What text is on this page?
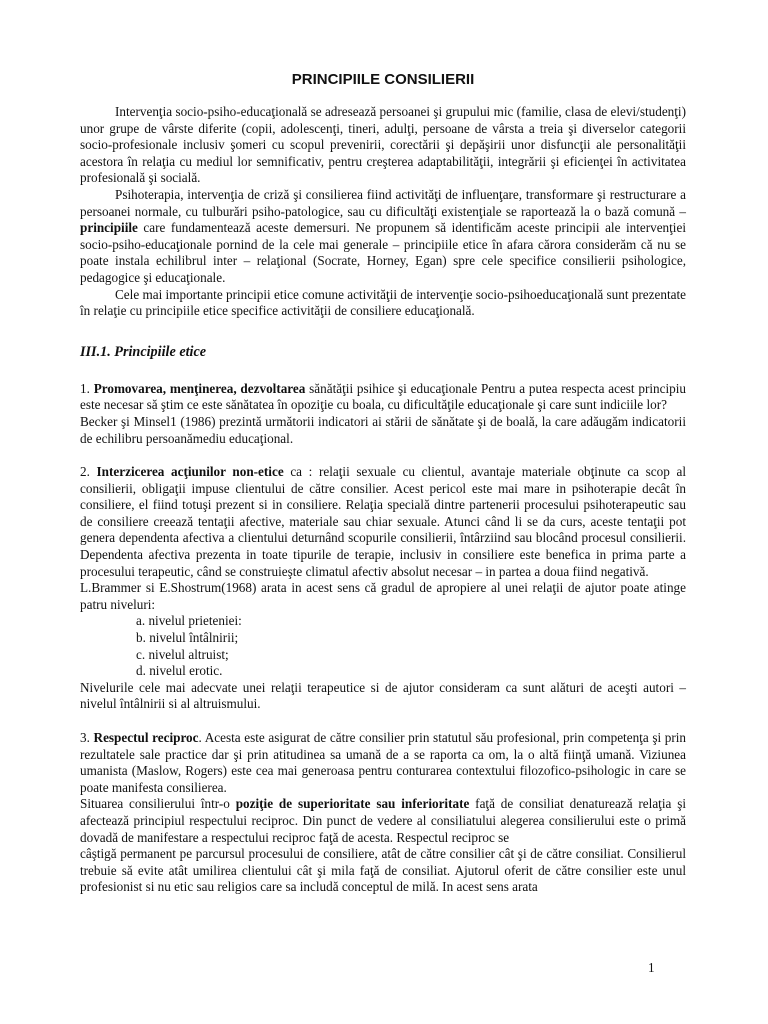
PRINCIPIILE CONSILIERII

Intervenţia socio-psiho-educaţională se adresează persoanei şi grupului mic (familie, clasa de elevi/studenţi) unor grupe de vârste diferite (copii, adolescenţi, tineri, adulţi, persoane de vârsta a treia şi diverselor categorii socio-profesionale inclusiv şomeri cu scopul prevenirii, corectării şi depăşirii unor disfuncţii ale personalităţii acestora în relaţia cu mediul lor semnificativ, pentru creşterea adaptabilităţii, integrării şi eficienţei în activitatea profesională şi socială.

Psihoterapia, intervenţia de criză şi consilierea fiind activităţi de influenţare, transformare şi restructurare a persoanei normale, cu tulburări psiho-patologice, sau cu dificultăţi existenţiale se raportează la o bază comună – principiile care fundamentează aceste demersuri. Ne propunem să identificăm aceste principii ale intervenţiei socio-psiho-educaţionale pornind de la cele mai generale – principiile etice în afara cărora considerăm că nu se poate instala echilibrul inter – relaţional (Socrate, Horney, Egan) spre cele specifice consilierii psihologice, pedagogice şi educaţionale.

Cele mai importante principii etice comune activităţii de intervenţie socio-psihoeducaţională sunt prezentate în relaţie cu principiile etice specifice activităţii de consiliere educaţională.

III.1. Principiile etice

1. Promovarea, menţinerea, dezvoltarea sănătăţii psihice şi educaţionale Pentru a putea respecta acest principiu este necesar să ştim ce este sănătatea în opoziţie cu boala, cu dificultăţile educaţionale şi care sunt indiciile lor?

Becker şi Minsel1 (1986) prezintă următorii indicatori ai stării de sănătate şi de boală, la care adăugăm indicatorii de echilibru persoanămediu educaţional.

2. Interzicerea acţiunilor non-etice ca : relaţii sexuale cu clientul, avantaje materiale obţinute ca scop al consilierii, obligaţii impuse clientului de către consilier. Acest pericol este mai mare in psihoterapie decât în consiliere, el fiind totuşi prezent si in consiliere. Relaţia specială dintre partenerii procesului psihoterapeutic sau de consiliere creează tentaţii afective, materiale sau chiar sexuale. Atunci când li se da curs, aceste tentaţii pot genera dependenta afectiva a clientului deturnând scopurile consilierii, întârziind sau blocând procesul consilierii. Dependenta afectiva prezenta in toate tipurile de terapie, inclusiv in consiliere este benefica in prima parte a procesului terapeutic, când se construieşte climatul afectiv absolut necesar – in partea a doua fiind negativă.

L.Brammer si E.Shostrum(1968) arata in acest sens că gradul de apropiere al unei relaţii de ajutor poate atinge patru niveluri:

a. nivelul prieteniei:
b. nivelul întâlnirii;
c. nivelul altruist;
d. nivelul erotic.

Nivelurile cele mai adecvate unei relaţii terapeutice si de ajutor consideram ca sunt alături de aceşti autori – nivelul întâlnirii si al altruismului.

3. Respectul reciproc. Acesta este asigurat de către consilier prin statutul său profesional, prin competenţa şi prin rezultatele sale practice dar şi prin atitudinea sa umană de a se raporta ca om, la o altă fiinţă umană. Viziunea umanista (Maslow, Rogers) este cea mai generoasa pentru conturarea contextului filozofico-psihologic in care se poate manifesta consilierea.

Situarea consilierului într-o poziţie de superioritate sau inferioritate faţă de consiliat denaturează relaţia şi afectează principiul respectului reciproc. Din punct de vedere al consiliatului alegerea consilierului este o primă dovadă de manifestare a respectului reciproc faţă de acesta. Respectul reciproc se

câştigă permanent pe parcursul procesului de consiliere, atât de către consilier cât şi de către consiliat. Consilierul trebuie să evite atât umilirea clientului cât şi mila faţă de consiliat. Ajutorul oferit de către consilier este unul profesionist si nu etic sau religios care sa includă conceptul de milă. In acest sens arata

1
